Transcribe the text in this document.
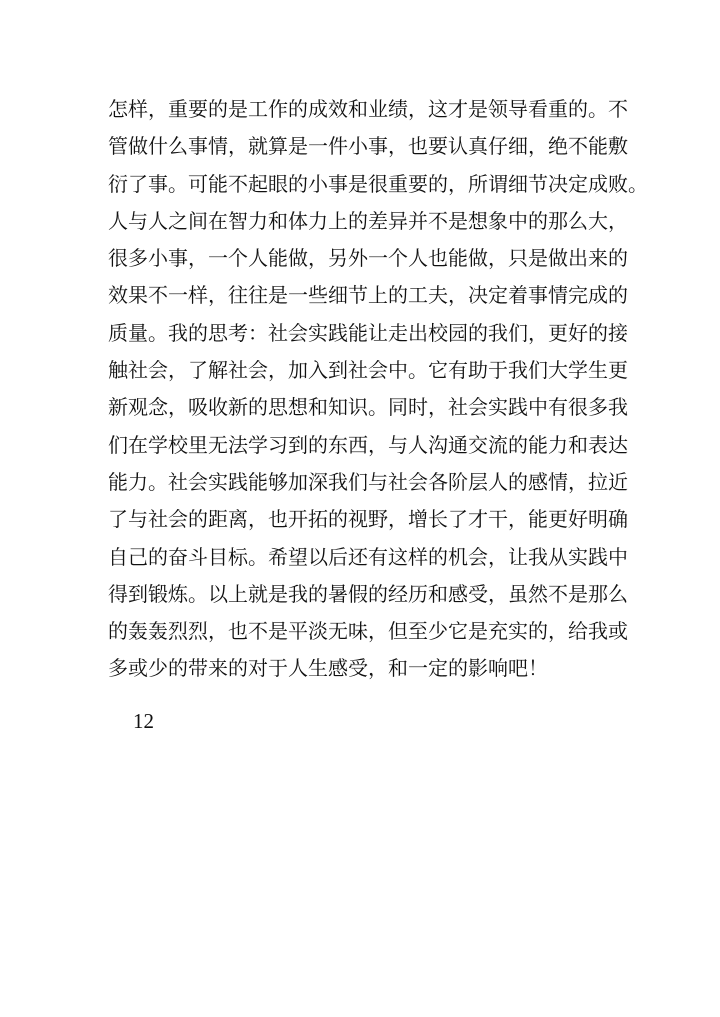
怎样，重要的是工作的成效和业绩，这才是领导看重的。不
管做什么事情，就算是一件小事，也要认真仔细，绝不能敷
衍了事。可能不起眼的小事是很重要的，所谓细节决定成败。
人与人之间在智力和体力上的差异并不是想象中的那么大，
很多小事，一个人能做，另外一个人也能做，只是做出来的
效果不一样，往往是一些细节上的工夫，决定着事情完成的
质量。我的思考：社会实践能让走出校园的我们，更好的接
触社会，了解社会，加入到社会中。它有助于我们大学生更
新观念，吸收新的思想和知识。同时，社会实践中有很多我
们在学校里无法学习到的东西，与人沟通交流的能力和表达
能力。社会实践能够加深我们与社会各阶层人的感情，拉近
了与社会的距离，也开拓的视野，增长了才干，能更好明确
自己的奋斗目标。希望以后还有这样的机会，让我从实践中
得到锻炼。以上就是我的暑假的经历和感受，虽然不是那么
的轰轰烈烈，也不是平淡无味，但至少它是充实的，给我或
多或少的带来的对于人生感受，和一定的影响吧！
12
